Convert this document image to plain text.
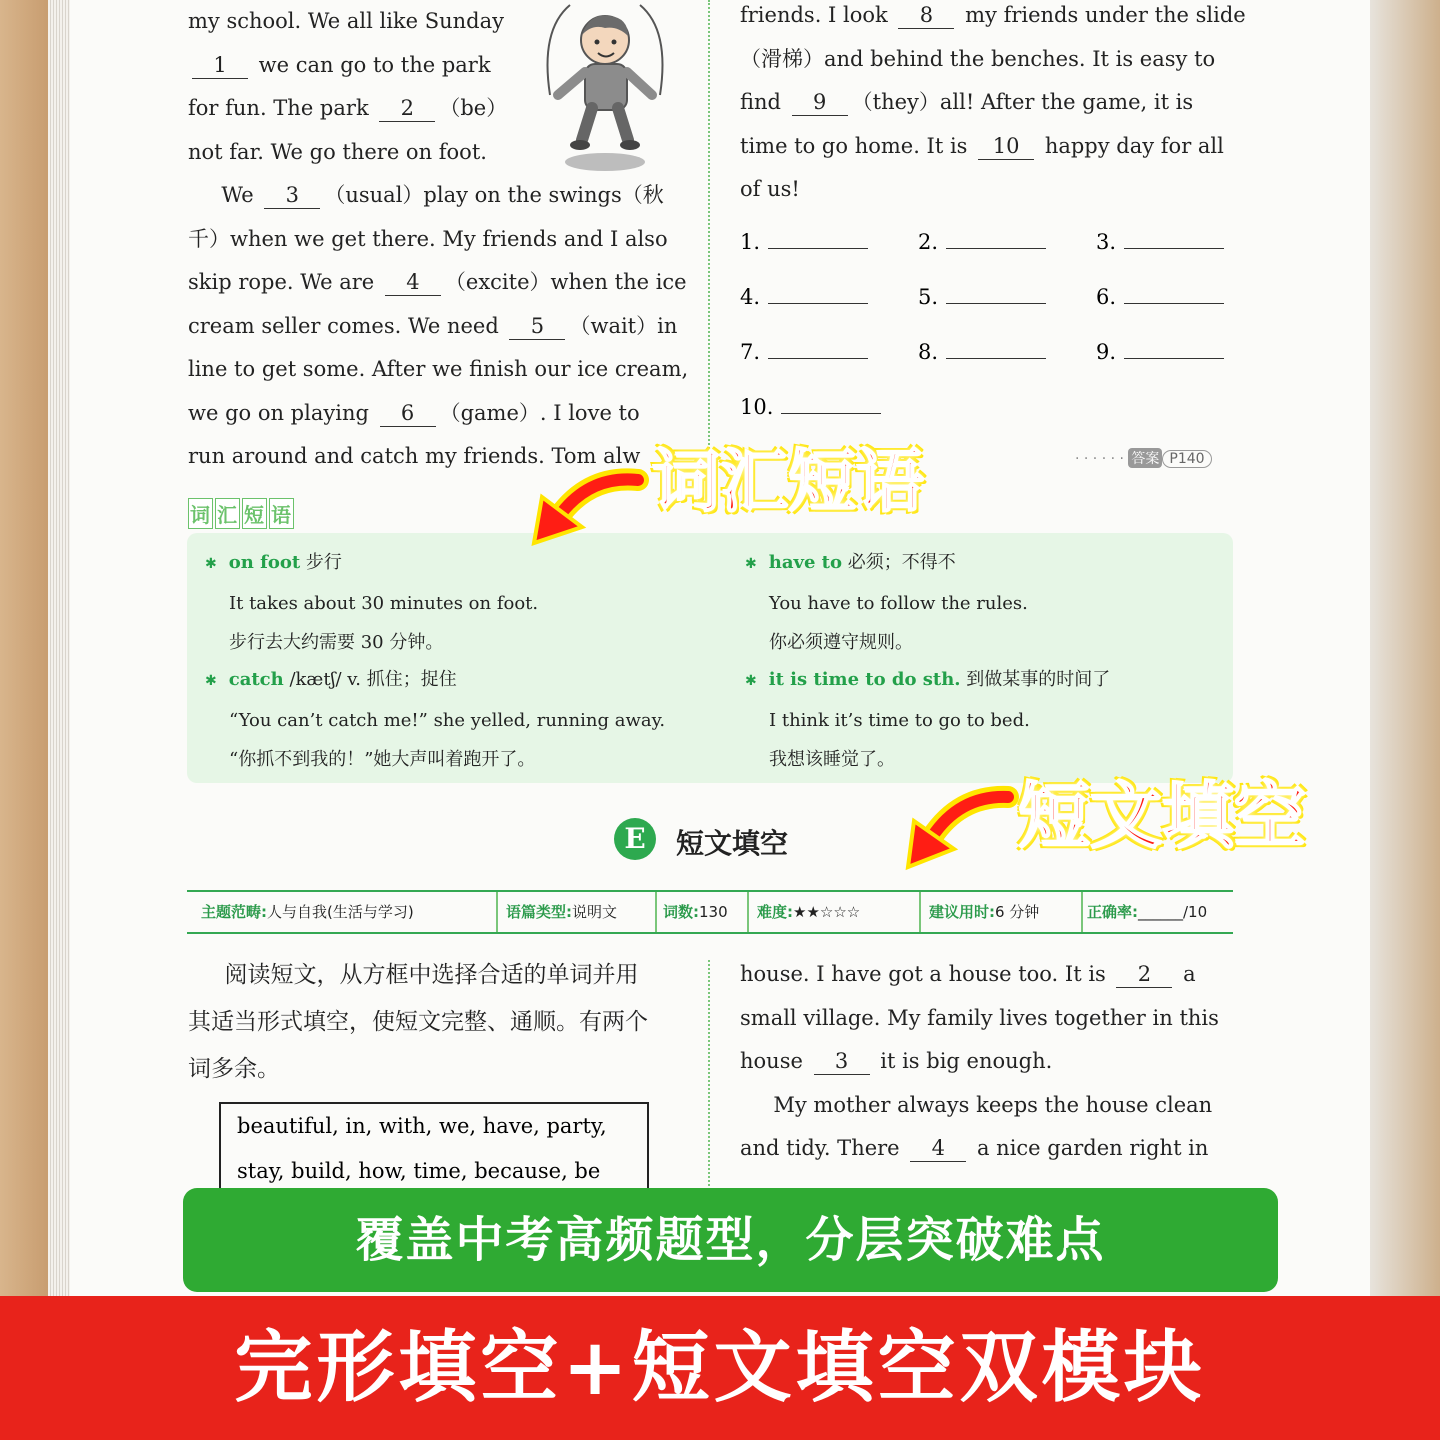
my school. We all like Sunday
1 we can go to the park
for fun. The park 2 （be）
not far. We go there on foot.
We 3 （usual）play on the swings（秋
千）when we get there. My friends and I also
skip rope. We are 4 （excite）when the ice
cream seller comes. We need 5 （wait）in
line to get some. After we finish our ice cream,
we go on playing 6 （game）. I love to
run around and catch my friends. Tom alw
friends. I look 8 my friends under the slide
（滑梯）and behind the benches. It is easy to
find 9 （they）all! After the game, it is
time to go home. It is 10 happy day for all
of us!
1.	2.	3.
4.	5.	6.
7.	8.	9.
10.
· · · · · · 答案 P140
词 汇 短 语
✱ on foot 步行
It takes about 30 minutes on foot.
步行去大约需要 30 分钟。
✱ have to 必须；不得不
You have to follow the rules.
你必须遵守规则。
✱ catch /kætʃ/ v. 抓住；捉住
“You can’t catch me!” she yelled, running away.
“你抓不到我的！”她大声叫着跑开了。
✱ it is time to do sth. 到做某事的时间了
I think it’s time to go to bed.
我想该睡觉了。
词汇短语
短文填空
E	短文填空
主题范畴:人与自我(生活与学习)	语篇类型:说明文	词数:130	难度:★★☆☆☆	建议用时:6 分钟	正确率:______/10
阅读短文，从方框中选择合适的单词并用
其适当形式填空，使短文完整、通顺。有两个
词多余。
beautiful, in, with, we, have, party,
stay, build, how, time, because, be
house. I have got a house too. It is 2 a
small village. My family lives together in this
house 3 it is big enough.
My mother always keeps the house clean
and tidy. There 4 a nice garden right in
覆盖中考高频题型，分层突破难点
完形填空+短文填空双模块
